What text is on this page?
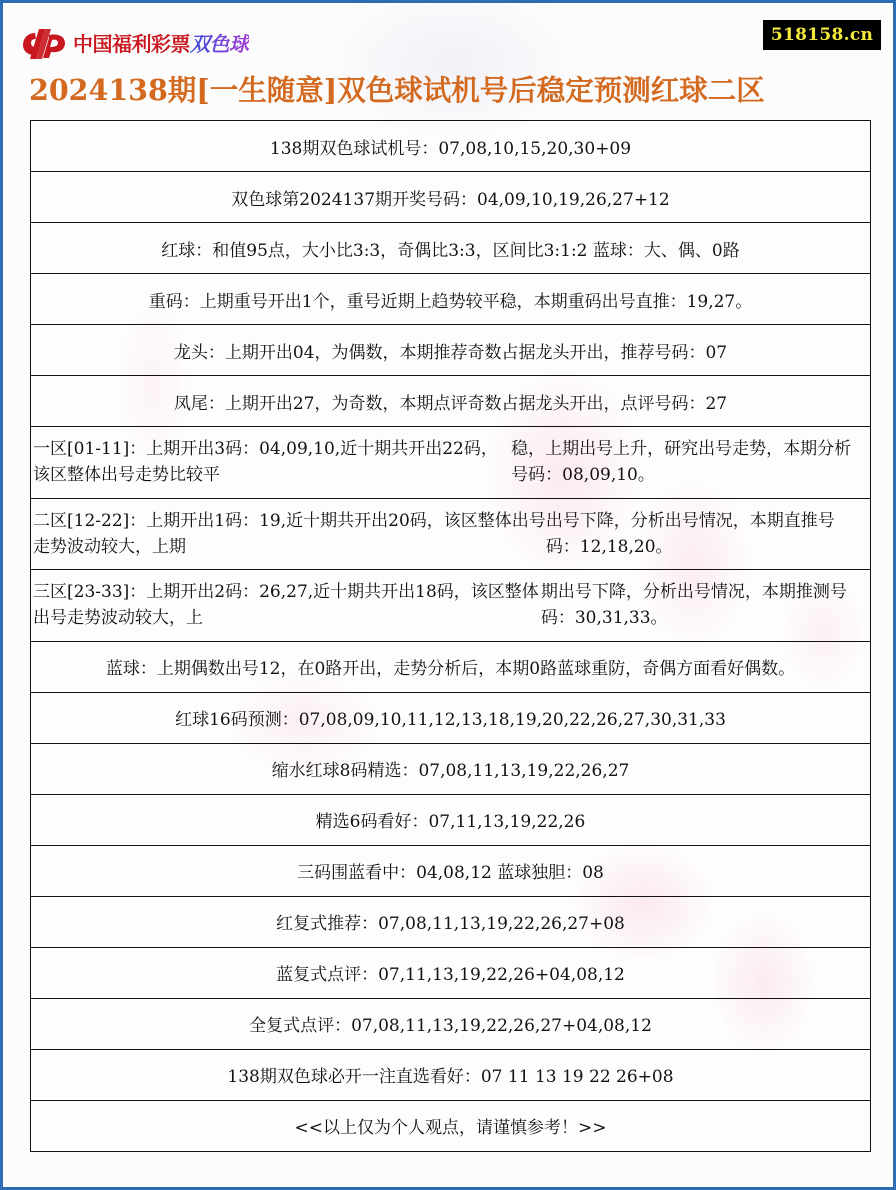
中国福利彩票 双色球	518158.cn
2024138期[一生随意]双色球试机号后稳定预测红球二区
138期双色球试机号：07,08,10,15,20,30+09
双色球第2024137期开奖号码：04,09,10,19,26,27+12
红球：和值95点，大小比3:3，奇偶比3:3，区间比3:1:2 蓝球：大、偶、0路
重码：上期重号开出1个，重号近期上趋势较平稳，本期重码出号直推：19,27。
龙头：上期开出04，为偶数，本期推荐奇数占据龙头开出，推荐号码：07
凤尾：上期开出27，为奇数，本期点评奇数占据龙头开出，点评号码：27
一区[01-11]：上期开出3码：04,09,10,近十期共开出22码，该区整体出号走势比较平
稳，上期出号上升，研究出号走势，本期分析号码：08,09,10。
二区[12-22]：上期开出1码：19,近十期共开出20码，该区整体出号走势波动较大，上期
出号下降，分析出号情况，本期直推号码：12,18,20。
三区[23-33]：上期开出2码：26,27,近十期共开出18码，该区整体出号走势波动较大，上
期出号下降，分析出号情况，本期推测号码：30,31,33。
蓝球：上期偶数出号12，在0路开出，走势分析后，本期0路蓝球重防，奇偶方面看好偶数。
红球16码预测：07,08,09,10,11,12,13,18,19,20,22,26,27,30,31,33
缩水红球8码精选：07,08,11,13,19,22,26,27
精选6码看好：07,11,13,19,22,26
三码围蓝看中：04,08,12 蓝球独胆：08
红复式推荐：07,08,11,13,19,22,26,27+08
蓝复式点评：07,11,13,19,22,26+04,08,12
全复式点评：07,08,11,13,19,22,26,27+04,08,12
138期双色球必开一注直选看好：07 11 13 19 22 26+08
<<以上仅为个人观点，请谨慎参考！>>
